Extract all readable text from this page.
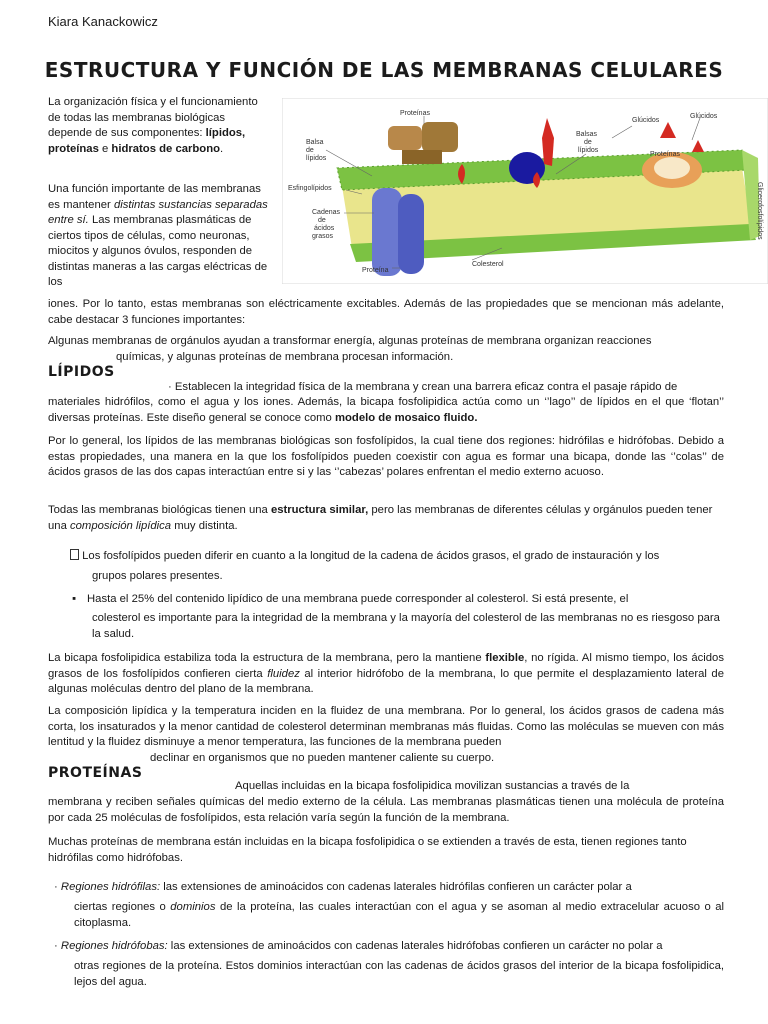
Kiara Kanackowicz
ESTRUCTURA Y FUNCIÓN DE LAS MEMBRANAS CELULARES

La organización física y el funcionamiento de todas las membranas biológicas depende de sus componentes: lípidos, proteínas e hidratos de carbono.

Una función importante de las membranas es mantener distintas sustancias separadas entre sí. Las membranas plasmáticas de ciertos tipos de células, como neuronas, miocitos y algunos óvulos, responden de distintas maneras a las cargas eléctricas de los

iones. Por lo tanto, estas membranas son eléctricamente excitables. Además de las propiedades que se mencionan más adelante, cabe destacar 3 funciones importantes:

Algunas membranas de orgánulos ayudan a transformar energía, algunas proteínas de membrana organizan reacciones

químicas, y algunas proteínas de membrana procesan información.

Proteínas
Balsa
de
lípidos
Balsas
de
lípidos
Glúcidos
Glúcidos
Proteínas
Esfingolípidos
Cadenas
de
ácidos
grasos
Proteína
Colesterol
Glicerofosfolípidos
LÍPIDOS

· Establecen la integridad física de la membrana y crean una barrera eficaz contra el pasaje rápido de

materiales hidrófilos, como el agua y los iones. Además, la bicapa fosfolipidica actúa como un ‘’lago’’ de lípidos en el que ‘flotan’’ diversas proteínas. Este diseño general se conoce como modelo de mosaico fluido.

Por lo general, los lípidos de las membranas biológicas son fosfolípidos, la cual tiene dos regiones: hidrófilas e hidrófobas. Debido a estas propiedades, una manera en la que los fosfolípidos pueden coexistir con agua es formar una bicapa, donde las ‘’colas’’ de ácidos grasos de las dos capas interactúan entre si y las ‘’cabezas’ polares enfrentan el medio externo acuoso.

Todas las membranas biológicas tienen una estructura similar, pero las membranas de diferentes células y orgánulos pueden tener una composición lipídica muy distinta.

Los fosfolípidos pueden diferir en cuanto a la longitud de la cadena de ácidos grasos, el grado de instauración y los

grupos polares presentes.

▪ Hasta el 25% del contenido lipídico de una membrana puede corresponder al colesterol. Si está presente, el

colesterol es importante para la integridad de la membrana y la mayoría del colesterol de las membranas no es riesgoso para la salud.

La bicapa fosfolipidica estabiliza toda la estructura de la membrana, pero la mantiene flexible, no rígida. Al mismo tiempo, los ácidos grasos de los fosfolípidos confieren cierta fluidez al interior hidrófobo de la membrana, lo que permite el desplazamiento lateral de algunas moléculas dentro del plano de la membrana.

La composición lipídica y la temperatura inciden en la fluidez de una membrana. Por lo general, los ácidos grasos de cadena más corta, los insaturados y la menor cantidad de colesterol determinan membranas más fluidas. Como las moléculas se mueven con más lentitud y la fluidez disminuye a menor temperatura, las funciones de la membrana pueden

declinar en organismos que no pueden mantener caliente su cuerpo.

PROTEÍNAS

Aquellas incluidas en la bicapa fosfolipidica movilizan sustancias a través de la

membrana y reciben señales químicas del medio externo de la célula. Las membranas plasmáticas tienen una molécula de proteína por cada 25 moléculas de fosfolípidos, esta relación varía según la función de la membrana.

Muchas proteínas de membrana están incluidas en la bicapa fosfolipidica o se extienden a través de esta, tienen regiones tanto hidrófilas como hidrófobas.

· Regiones hidrófilas: las extensiones de aminoácidos con cadenas laterales hidrófilas confieren un carácter polar a

ciertas regiones o dominios de la proteína, las cuales interactúan con el agua y se asoman al medio extracelular acuoso o al citoplasma.

· Regiones hidrófobas: las extensiones de aminoácidos con cadenas laterales hidrófobas confieren un carácter no polar a

otras regiones de la proteína. Estos dominios interactúan con las cadenas de ácidos grasos del interior de la bicapa fosfolipidica, lejos del agua.
